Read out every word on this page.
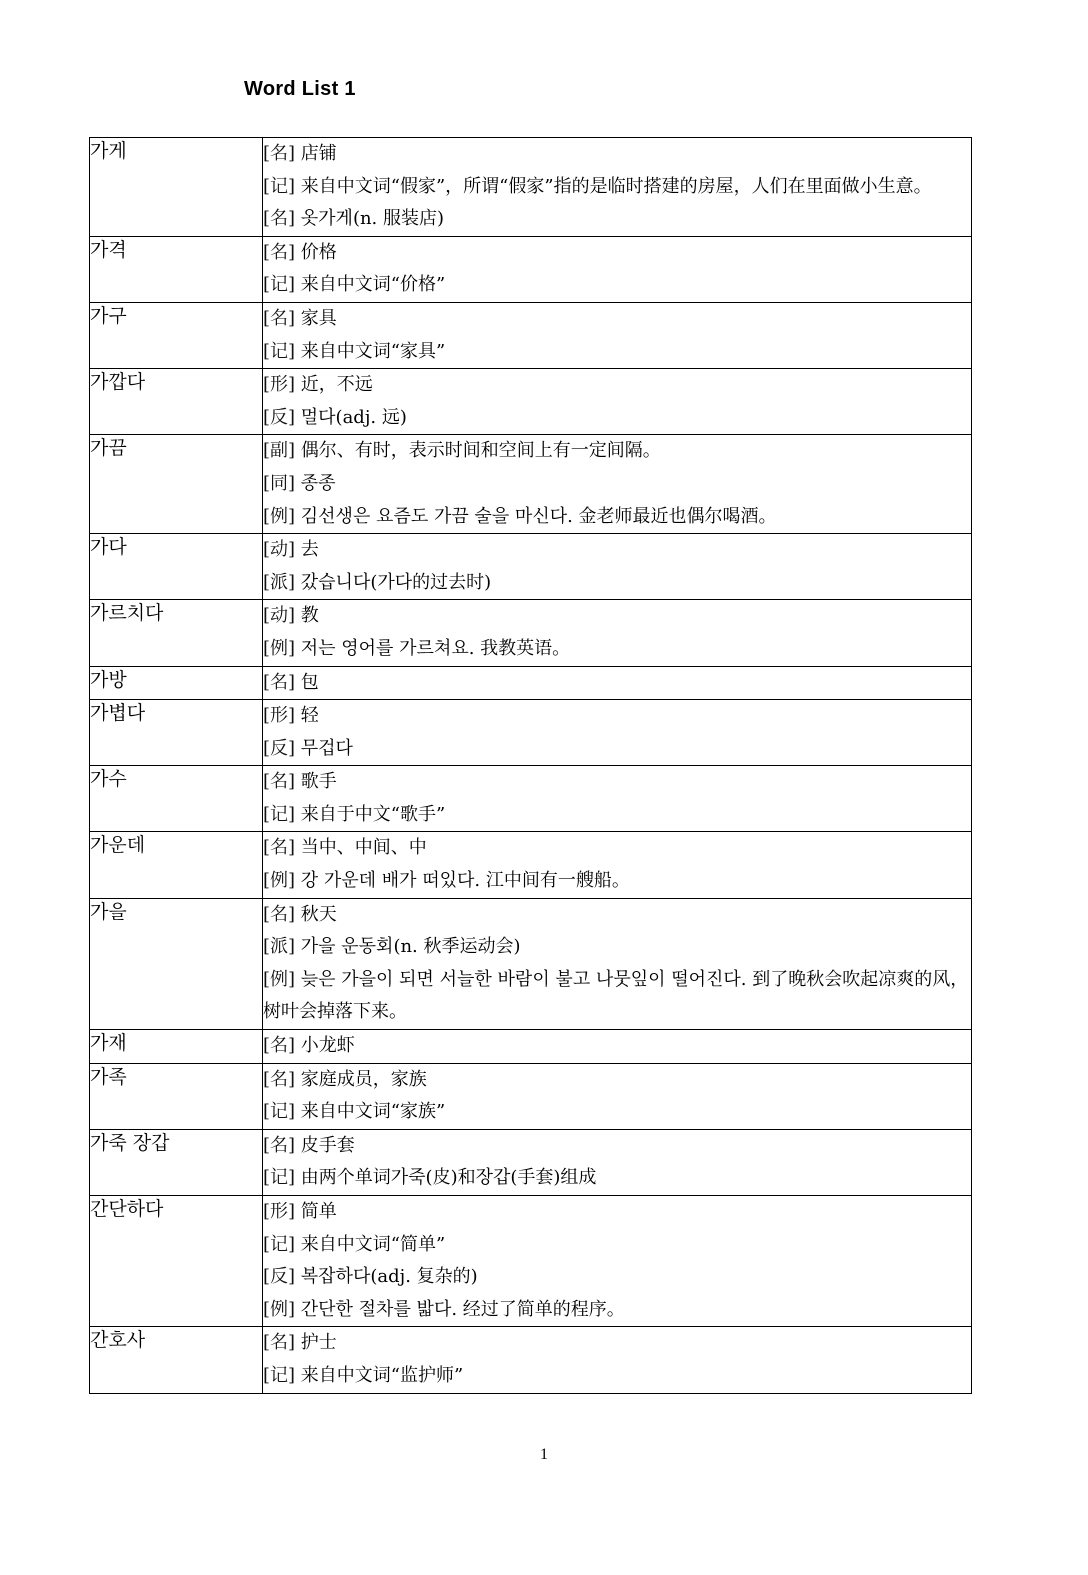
Word List 1
가게	[名] 店铺
[记] 来自中文词“假家”，所谓“假家”指的是临时搭建的房屋，人们在里面做小生意。
[名] 옷가게(n. 服装店)

가격	[名] 价格
[记] 来自中文词“价格”

가구	[名] 家具
[记] 来自中文词“家具”

가깝다	[形] 近，不远
[反] 멀다(adj. 远)

가끔	[副] 偶尔、有时，表示时间和空间上有一定间隔。
[同] 종종
[例] 김선생은 요즘도 가끔 술을 마신다. 金老师最近也偶尔喝酒。

가다	[动] 去
[派] 갔습니다(가다的过去时)

가르치다	[动] 教
[例] 저는 영어를 가르쳐요. 我教英语。

가방	[名] 包

가볍다	[形] 轻
[反] 무겁다

가수	[名] 歌手
[记] 来自于中文“歌手”

가운데	[名] 当中、中间、中
[例] 강 가운데 배가 떠있다. 江中间有一艘船。

가을	[名] 秋天
[派] 가을 운동회(n. 秋季运动会)
[例] 늦은 가을이 되면 서늘한 바람이 불고 나뭇잎이 떨어진다. 到了晚秋会吹起凉爽的风，树叶会掉落下来。

가재	[名] 小龙虾

가족	[名] 家庭成员，家族
[记] 来自中文词“家族”

가죽 장갑	[名] 皮手套
[记] 由两个单词가죽(皮)和장갑(手套)组成

간단하다	[形] 简单
[记] 来自中文词“简单”
[反] 복잡하다(adj. 复杂的)
[例] 간단한 절차를 밟다. 经过了简单的程序。

간호사	[名] 护士
[记] 来自中文词“监护师”
1
